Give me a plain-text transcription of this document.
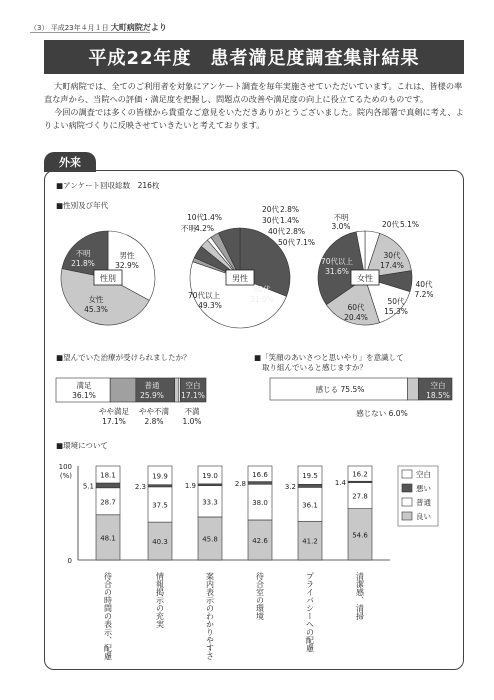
（3） 平成23年４月１日 大町病院だより
平成22年度　患者満足度調査集計結果

大町病院では、全てのご利用者を対象にアンケート調査を毎年実施させていただいています。これは、皆様の率直な声から、当院への評価・満足度を把握し、問題点の改善や満足度の向上に役立てるためのものです。

今回の調査では多くの皆様から貴重なご意見をいただきありがとうございました。院内各部署で真剣に考え、よりよい病院づくりに反映させていきたいと考えております。

外来
■アンケート回収総数　216枚
■性別及び年代
■望んでいた治療が受けられましたか？	■「笑顔のあいさつと思いやり」を意識して
取り組んでいると感じますか？
■環境について
男性
32.9%
女性
45.3%
不明
21.8%
性別
60代
31.0%
70代以上
49.3%
10代
1.4%
不明
4.2%
20代 2.8%
30代 1.4%
40代 2.8%
50代 7.1%
男性
20代 5.1%
30代
17.4%
40代
7.2%
50代
15.3%
60代
20.4%
70代以上
31.6%
不明
3.0%
女性
満足
36.1%
普通
25.9%
空白
17.1%
やや満足
17.1%
やや不満
2.8%
不満
1.0%
感じる 75.5%	空白
18.5%
感じない 6.0%
100
(%)
0
48.1
28.7
5.1
18.1
待合の時間の表示、配慮
40.3
37.5
2.3
19.9
情報掲示の充実
45.8
33.3
1.9
19.0
案内表示のわかりやすさ
42.6
38.0
2.8
16.6
待合室の環境
41.2
36.1
3.2
19.5
プライバシーへの配慮
54.6
27.8
1.4
16.2
清潔感、清掃
空白
悪い
普通
良い
